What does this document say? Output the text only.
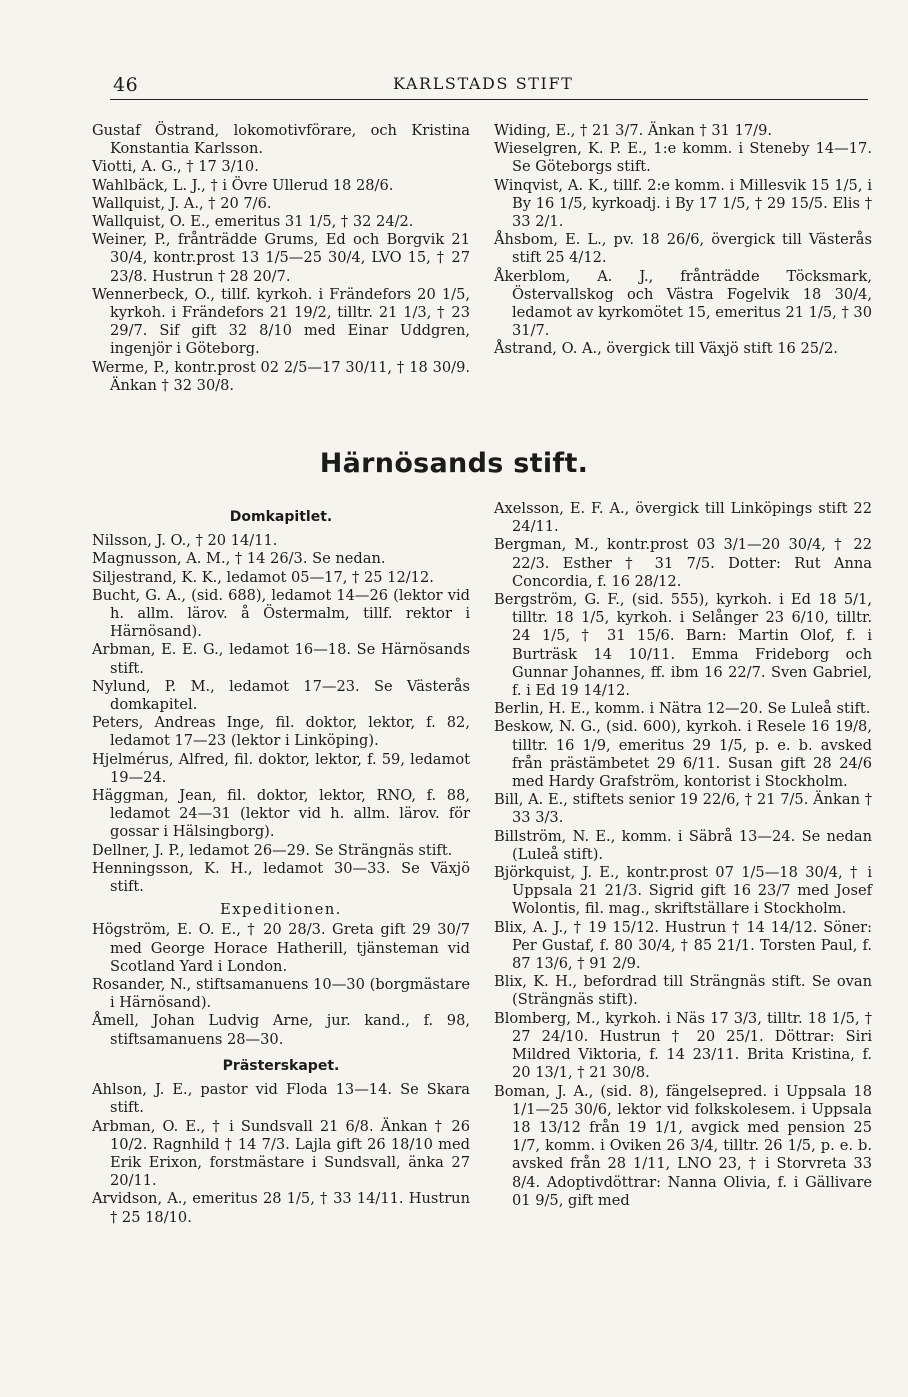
46	KARLSTADS STIFT

Gustaf Östrand, lokomotivförare, och Kristina Konstantia Karlsson.

Viotti, A. G., † 17 3/10.

Wahlbäck, L. J., † i Övre Ullerud 18 28/6.

Wallquist, J. A., † 20 7/6.

Wallquist, O. E., emeritus 31 1/5, † 32 24/2.

Weiner, P., frånträdde Grums, Ed och Borgvik 21 30/4, kontr.prost 13 1/5—25 30/4, LVO 15, † 27 23/8. Hustrun † 28 20/7.

Wennerbeck, O., tillf. kyrkoh. i Frändefors 20 1/5, kyrkoh. i Frändefors 21 19/2, tilltr. 21 1/3, † 23 29/7. Sif gift 32 8/10 med Einar Uddgren, ingenjör i Göteborg.

Werme, P., kontr.prost 02 2/5—17 30/11, † 18 30/9. Änkan † 32 30/8.

Widing, E., † 21 3/7. Änkan † 31 17/9.

Wieselgren, K. P. E., 1:e komm. i Steneby 14—17. Se Göteborgs stift.

Winqvist, A. K., tillf. 2:e komm. i Millesvik 15 1/5, i By 16 1/5, kyrkoadj. i By 17 1/5, † 29 15/5. Elis † 33 2/1.

Åhsbom, E. L., pv. 18 26/6, övergick till Västerås stift 25 4/12.

Åkerblom, A. J., frånträdde Töcksmark, Östervallskog och Västra Fogelvik 18 30/4, ledamot av kyrkomötet 15, emeritus 21 1/5, † 30 31/7.

Åstrand, O. A., övergick till Växjö stift 16 25/2.

Härnösands stift.

Domkapitlet.

Nilsson, J. O., † 20 14/11.

Magnusson, A. M., † 14 26/3. Se nedan.

Siljestrand, K. K., ledamot 05—17, † 25 12/12.

Bucht, G. A., (sid. 688), ledamot 14—26 (lektor vid h. allm. lärov. å Östermalm, tillf. rektor i Härnösand).

Arbman, E. E. G., ledamot 16—18. Se Härnösands stift.

Nylund, P. M., ledamot 17—23. Se Västerås domkapitel.

Peters, Andreas Inge, fil. doktor, lektor, f. 82, ledamot 17—23 (lektor i Linköping).

Hjelmérus, Alfred, fil. doktor, lektor, f. 59, ledamot 19—24.

Häggman, Jean, fil. doktor, lektor, RNO, f. 88, ledamot 24—31 (lektor vid h. allm. lärov. för gossar i Hälsingborg).

Dellner, J. P., ledamot 26—29. Se Strängnäs stift.

Henningsson, K. H., ledamot 30—33. Se Växjö stift.

Expeditionen.

Högström, E. O. E., † 20 28/3. Greta gift 29 30/7 med George Horace Hatherill, tjänsteman vid Scotland Yard i London.

Rosander, N., stiftsamanuens 10—30 (borgmästare i Härnösand).

Åmell, Johan Ludvig Arne, jur. kand., f. 98, stiftsamanuens 28—30.

Prästerskapet.

Ahlson, J. E., pastor vid Floda 13—14. Se Skara stift.

Arbman, O. E., † i Sundsvall 21 6/8. Änkan † 26 10/2. Ragnhild † 14 7/3. Lajla gift 26 18/10 med Erik Erixon, forstmästare i Sundsvall, änka 27 20/11.

Arvidson, A., emeritus 28 1/5, † 33 14/11. Hustrun † 25 18/10.

Axelsson, E. F. A., övergick till Linköpings stift 22 24/11.

Bergman, M., kontr.prost 03 3/1—20 30/4, † 22 22/3. Esther † 31 7/5. Dotter: Rut Anna Concordia, f. 16 28/12.

Bergström, G. F., (sid. 555), kyrkoh. i Ed 18 5/1, tilltr. 18 1/5, kyrkoh. i Selånger 23 6/10, tilltr. 24 1/5, † 31 15/6. Barn: Martin Olof, f. i Burträsk 14 10/11. Emma Frideborg och Gunnar Johannes, ff. ibm 16 22/7. Sven Gabriel, f. i Ed 19 14/12.

Berlin, H. E., komm. i Nätra 12—20. Se Luleå stift.

Beskow, N. G., (sid. 600), kyrkoh. i Resele 16 19/8, tilltr. 16 1/9, emeritus 29 1/5, p. e. b. avsked från prästämbetet 29 6/11. Susan gift 28 24/6 med Hardy Grafström, kontorist i Stockholm.

Bill, A. E., stiftets senior 19 22/6, † 21 7/5. Änkan † 33 3/3.

Billström, N. E., komm. i Säbrå 13—24. Se nedan (Luleå stift).

Björkquist, J. E., kontr.prost 07 1/5—18 30/4, † i Uppsala 21 21/3. Sigrid gift 16 23/7 med Josef Wolontis, fil. mag., skriftställare i Stockholm.

Blix, A. J., † 19 15/12. Hustrun † 14 14/12. Söner: Per Gustaf, f. 80 30/4, † 85 21/1. Torsten Paul, f. 87 13/6, † 91 2/9.

Blix, K. H., befordrad till Strängnäs stift. Se ovan (Strängnäs stift).

Blomberg, M., kyrkoh. i Näs 17 3/3, tilltr. 18 1/5, † 27 24/10. Hustrun † 20 25/1. Döttrar: Siri Mildred Viktoria, f. 14 23/11. Brita Kristina, f. 20 13/1, † 21 30/8.

Boman, J. A., (sid. 8), fängelsepred. i Uppsala 18 1/1—25 30/6, lektor vid folkskolesem. i Uppsala 18 13/12 från 19 1/1, avgick med pension 25 1/7, komm. i Oviken 26 3/4, tilltr. 26 1/5, p. e. b. avsked från 28 1/11, LNO 23, † i Storvreta 33 8/4. Adoptivdöttrar: Nanna Olivia, f. i Gällivare 01 9/5, gift med
